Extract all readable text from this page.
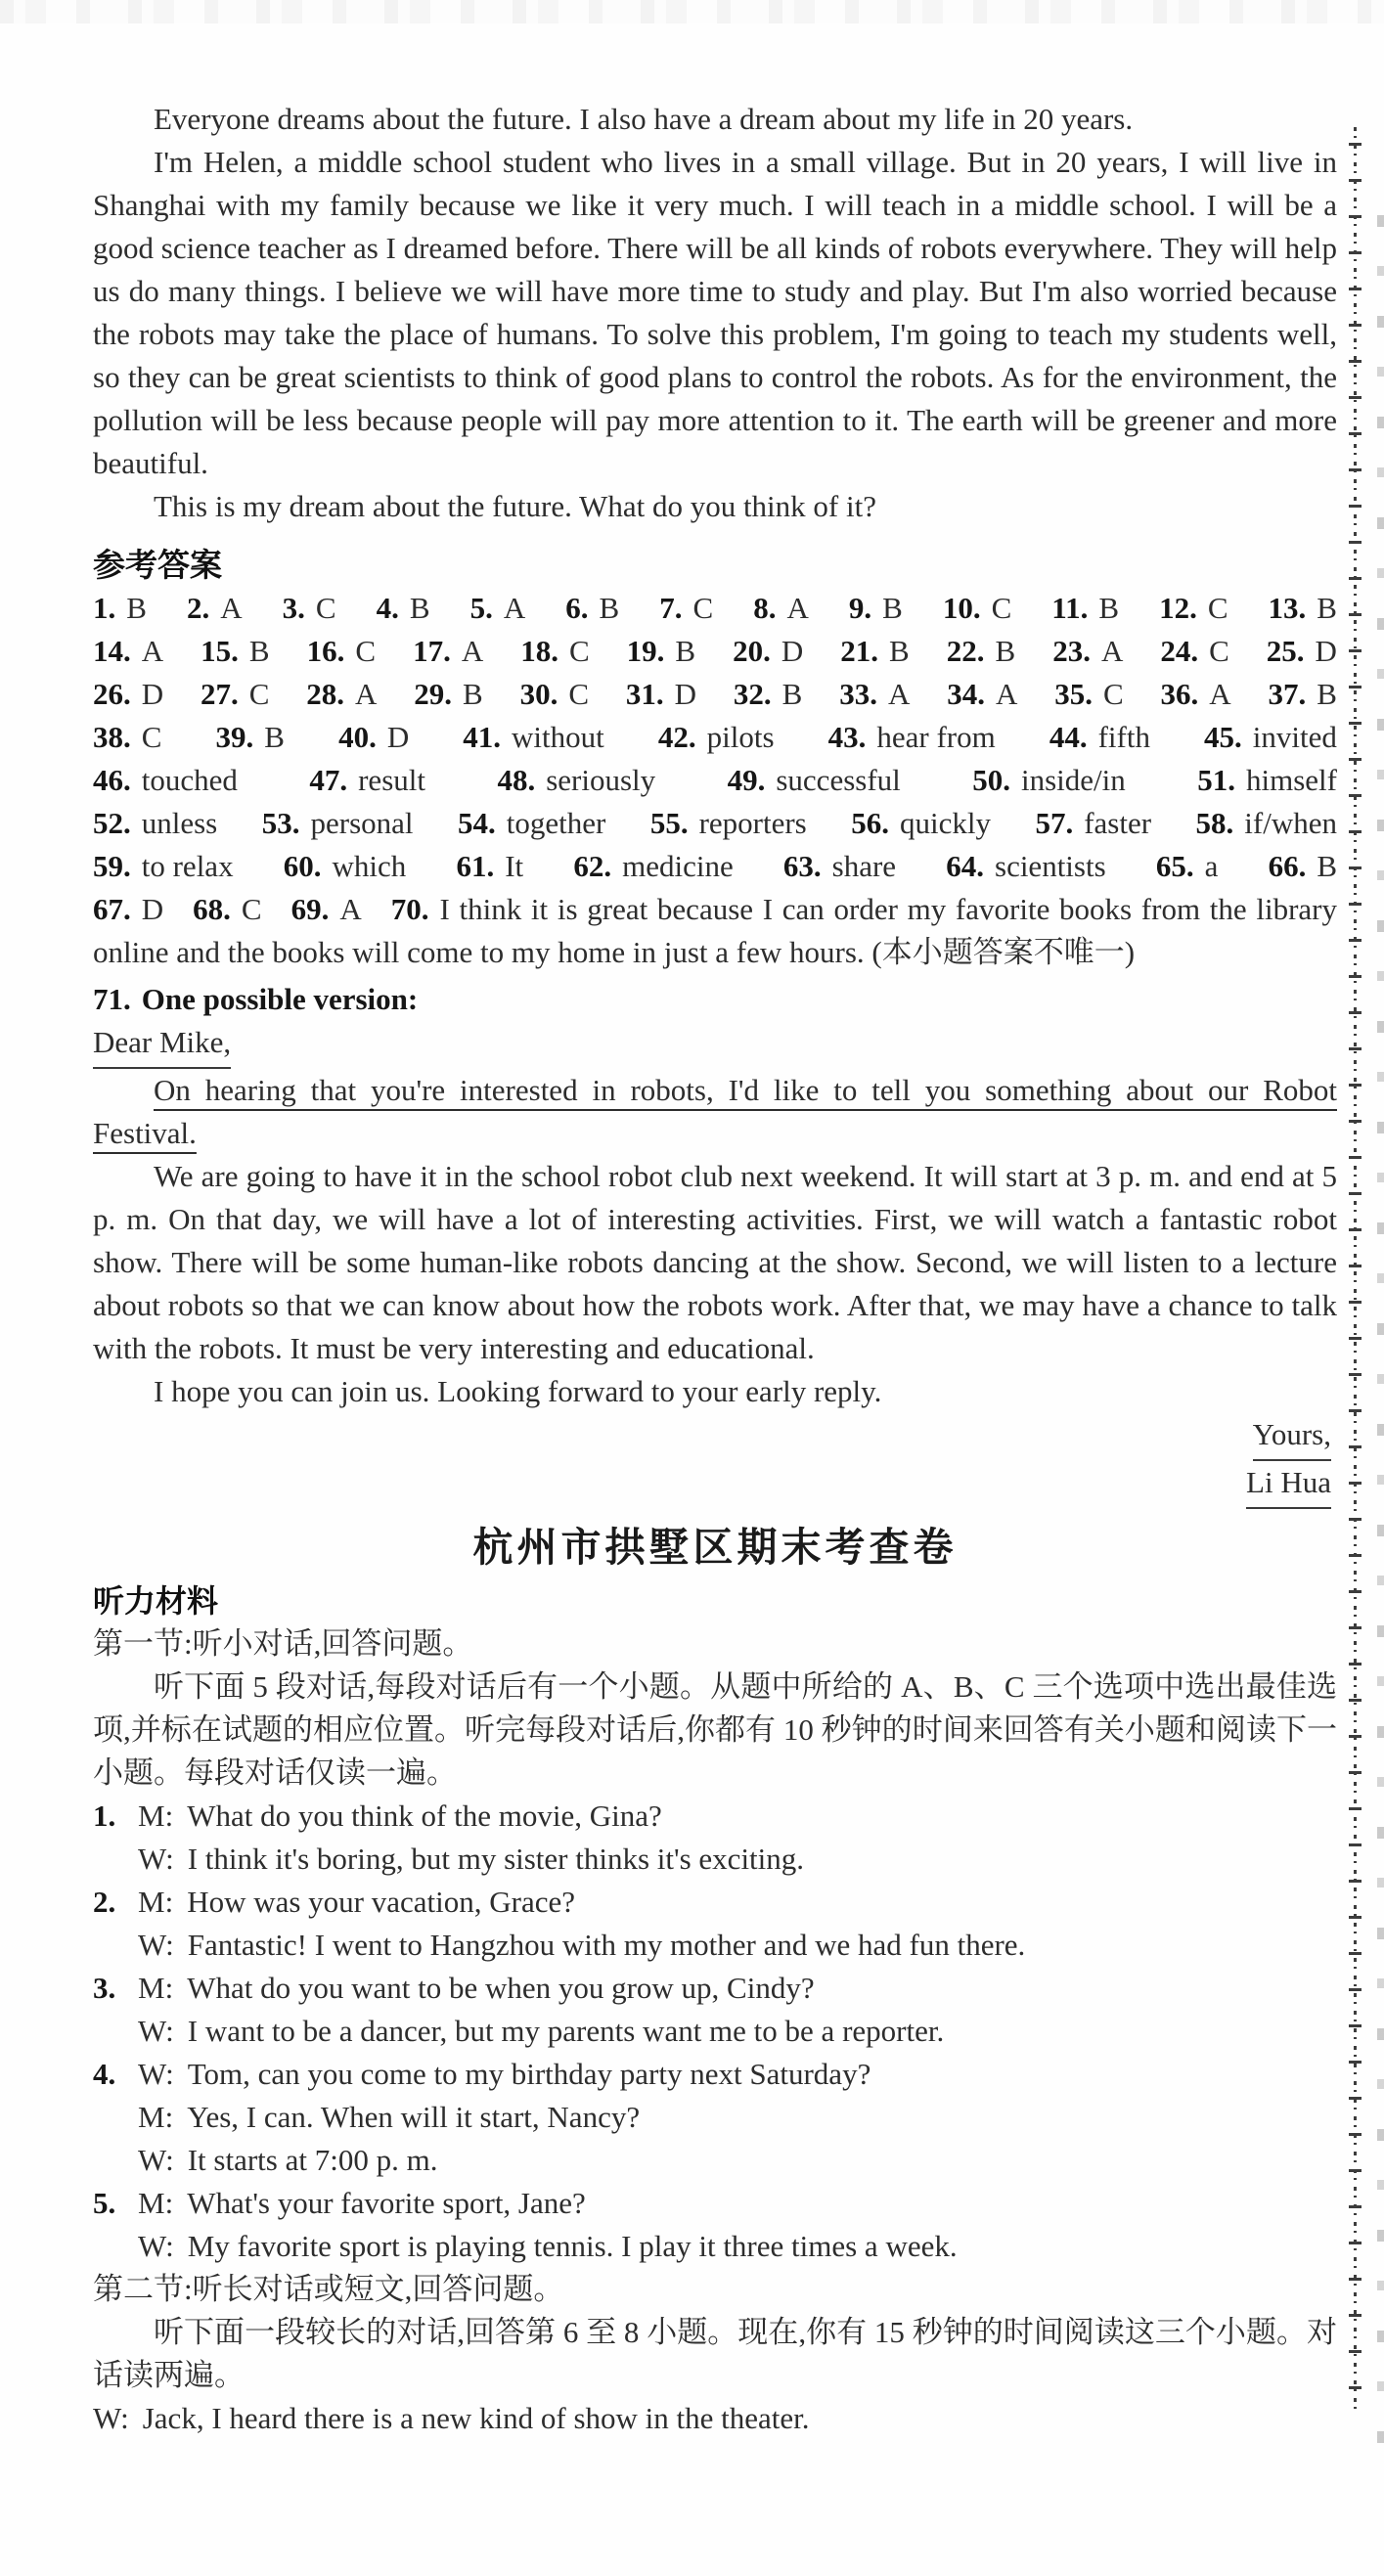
Everyone dreams about the future. I also have a dream about my life in 20 years.

I'm Helen, a middle school student who lives in a small village. But in 20 years, I will live in Shanghai with my family because we like it very much. I will teach in a middle school. I will be a good science teacher as I dreamed before. There will be all kinds of robots everywhere. They will help us do many things. I believe we will have more time to study and play. But I'm also worried because the robots may take the place of humans. To solve this problem, I'm going to teach my students well, so they can be great scientists to think of good plans to control the robots. As for the environment, the pollution will be less because people will pay more attention to it. The earth will be greener and more beautiful.

This is my dream about the future. What do you think of it?

参考答案
1. B 2. A 3. C 4. B 5. A 6. B 7. C 8. A 9. B 10. C 11. B 12. C 13. B
14. A 15. B 16. C 17. A 18. C 19. B 20. D 21. B 22. B 23. A 24. C 25. D
26. D 27. C 28. A 29. B 30. C 31. D 32. B 33. A 34. A 35. C 36. A 37. B
38. C 39. B 40. D 41. without 42. pilots 43. hear from 44. fifth 45. invited
46. touched 47. result 48. seriously 49. successful 50. inside/in 51. himself
52. unless 53. personal 54. together 55. reporters 56. quickly 57. faster 58. if/when
59. to relax 60. which 61. It 62. medicine 63. share 64. scientists 65. a 66. B

67. D 68. C 69. A 70. I think it is great because I can order my favorite books from the library online and the books will come to my home in just a few hours. (本小题答案不唯一)

71. One possible version:

Dear Mike,

On hearing that you're interested in robots, I'd like to tell you something about our Robot Festival.

We are going to have it in the school robot club next weekend. It will start at 3 p. m. and end at 5 p. m. On that day, we will have a lot of interesting activities. First, we will watch a fantastic robot show. There will be some human-like robots dancing at the show. Second, we will listen to a lecture about robots so that we can know about how the robots work. After that, we may have a chance to talk with the robots. It must be very interesting and educational.

I hope you can join us. Looking forward to your early reply.

Yours,

Li Hua

杭州市拱墅区期末考查卷
听力材料

第一节:听小对话,回答问题。

听下面 5 段对话,每段对话后有一个小题。从题中所给的 A、B、C 三个选项中选出最佳选项,并标在试题的相应位置。听完每段对话后,你都有 10 秒钟的时间来回答有关小题和阅读下一小题。每段对话仅读一遍。

1. M: What do you think of the movie, Gina?
W: I think it's boring, but my sister thinks it's exciting.
2. M: How was your vacation, Grace?
W: Fantastic! I went to Hangzhou with my mother and we had fun there.
3. M: What do you want to be when you grow up, Cindy?
W: I want to be a dancer, but my parents want me to be a reporter.
4. W: Tom, can you come to my birthday party next Saturday?
M: Yes, I can. When will it start, Nancy?
W: It starts at 7:00 p. m.
5. M: What's your favorite sport, Jane?
W: My favorite sport is playing tennis. I play it three times a week.

第二节:听长对话或短文,回答问题。

听下面一段较长的对话,回答第 6 至 8 小题。现在,你有 15 秒钟的时间阅读这三个小题。对话读两遍。

W: Jack, I heard there is a new kind of show in the theater.
